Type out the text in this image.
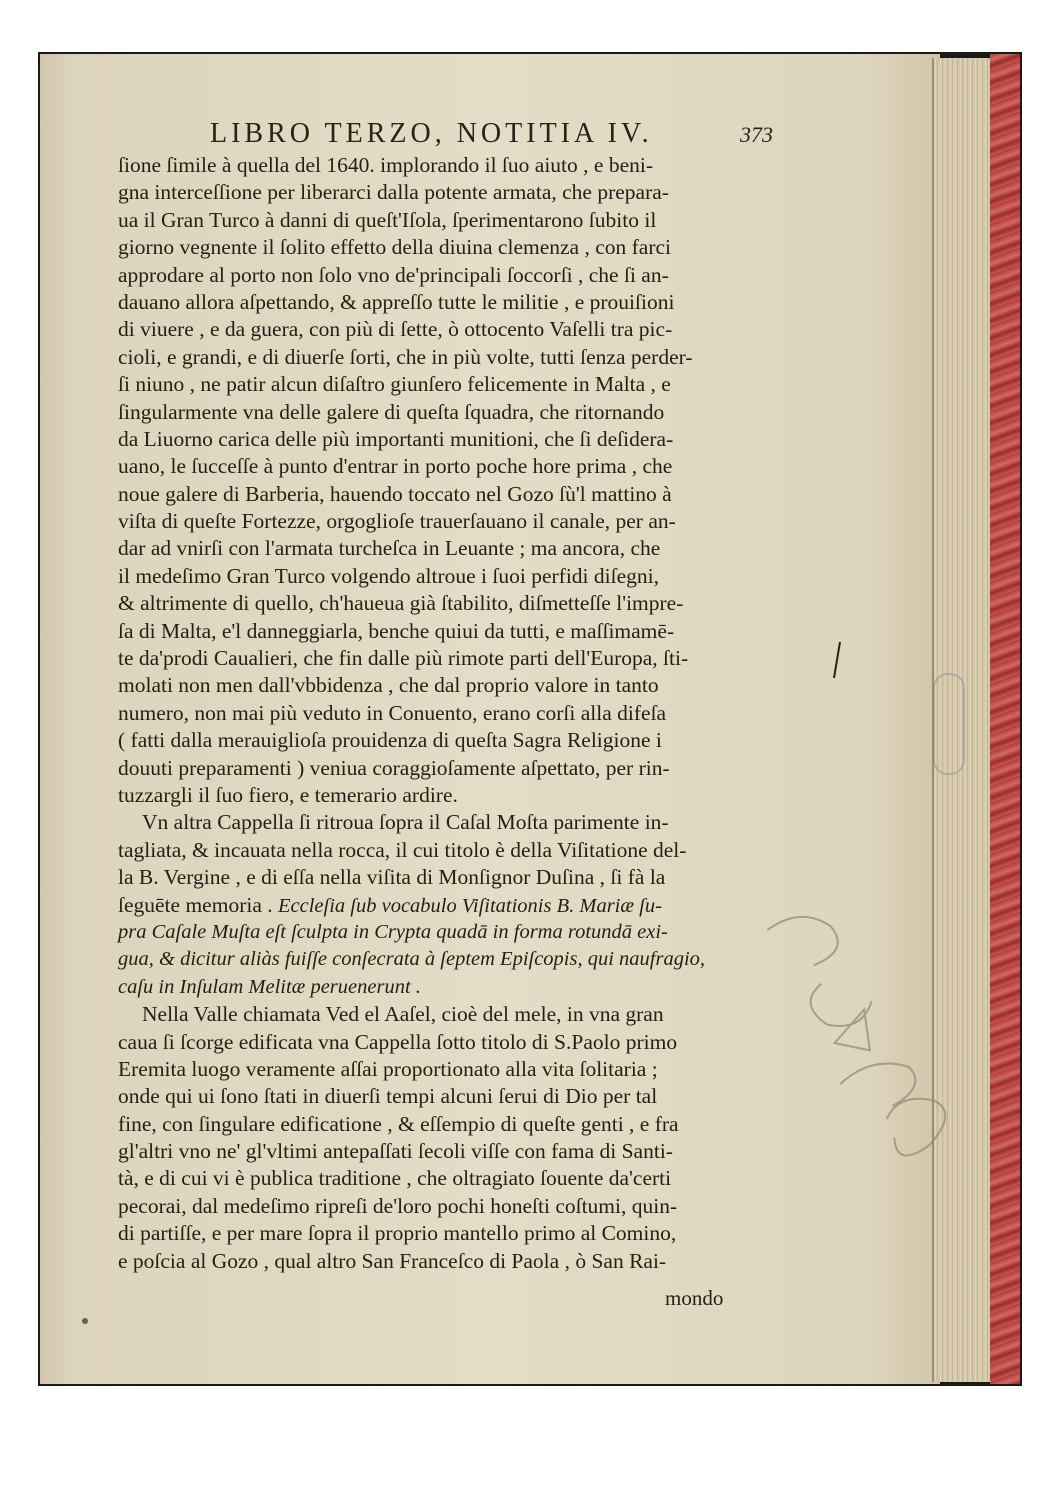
LIBRO TERZO, NOTITIA IV.	373
ſione ſimile à quella del 1640. implorando il ſuo aiuto , e beni-
gna interceſſione per liberarci dalla potente armata, che prepara-
ua il Gran Turco à danni di queſt'Iſola, ſperimentarono ſubito il
giorno vegnente il ſolito effetto della diuina clemenza , con farci
approdare al porto non ſolo vno de'principali ſoccorſi , che ſi an-
dauano allora aſpettando, & appreſſo tutte le militie , e prouiſioni
di viuere , e da guera, con più di ſette, ò ottocento Vaſelli tra pic-
cioli, e grandi, e di diuerſe ſorti, che in più volte, tutti ſenza perder-
ſi niuno , ne patir alcun diſaſtro giunſero felicemente in Malta , e
ſingularmente vna delle galere di queſta ſquadra, che ritornando
da Liuorno carica delle più importanti munitioni, che ſi deſidera-
uano, le ſucceſſe à punto d'entrar in porto poche hore prima , che
noue galere di Barberia, hauendo toccato nel Gozo ſù'l mattino à
viſta di queſte Fortezze, orgoglioſe trauerſauano il canale, per an-
dar ad vnirſi con l'armata turcheſca in Leuante ; ma ancora, che
il medeſimo Gran Turco volgendo altroue i ſuoi perfidi diſegni,
& altrimente di quello, ch'haueua già ſtabilito, diſmetteſſe l'impre-
ſa di Malta, e'l danneggiarla, benche quiui da tutti, e maſſimamē-
te da'prodi Caualieri, che fin dalle più rimote parti dell'Europa, ſti-
molati non men dall'vbbidenza , che dal proprio valore in tanto
numero, non mai più veduto in Conuento, erano corſi alla difeſa
( fatti dalla merauiglioſa prouidenza di queſta Sagra Religione i
douuti preparamenti ) veniua coraggioſamente aſpettato, per rin-
tuzzargli il ſuo fiero, e temerario ardire.
Vn altra Cappella ſi ritroua ſopra il Caſal Moſta parimente in-
tagliata, & incauata nella rocca, il cui titolo è della Viſitatione del-
la B. Vergine , e di eſſa nella viſita di Monſignor Duſina , ſi fà la
ſeguēte memoria . Eccleſia ſub vocabulo Viſitationis B. Mariæ ſu-
pra Caſale Muſta eſt ſculpta in Crypta quadā in forma rotundā exi-
gua, & dicitur aliàs fuiſſe conſecrata à ſeptem Epiſcopis, qui naufragio,
caſu in Inſulam Melitæ peruenerunt .
Nella Valle chiamata Ved el Aaſel, cioè del mele, in vna gran
caua ſi ſcorge edificata vna Cappella ſotto titolo di S.Paolo primo
Eremita luogo veramente aſſai proportionato alla vita ſolitaria ;
onde qui ui ſono ſtati in diuerſi tempi alcuni ſerui di Dio per tal
fine, con ſingulare edificatione , & eſſempio di queſte genti , e fra
gl'altri vno ne' gl'vltimi antepaſſati ſecoli viſſe con fama di Santi-
tà, e di cui vi è publica traditione , che oltragiato ſouente da'certi
pecorai, dal medeſimo ripreſi de'loro pochi honeſti coſtumi, quin-
di partiſſe, e per mare ſopra il proprio mantello primo al Comino,
e poſcia al Gozo , qual altro San Franceſco di Paola , ò San Rai-
mondo
